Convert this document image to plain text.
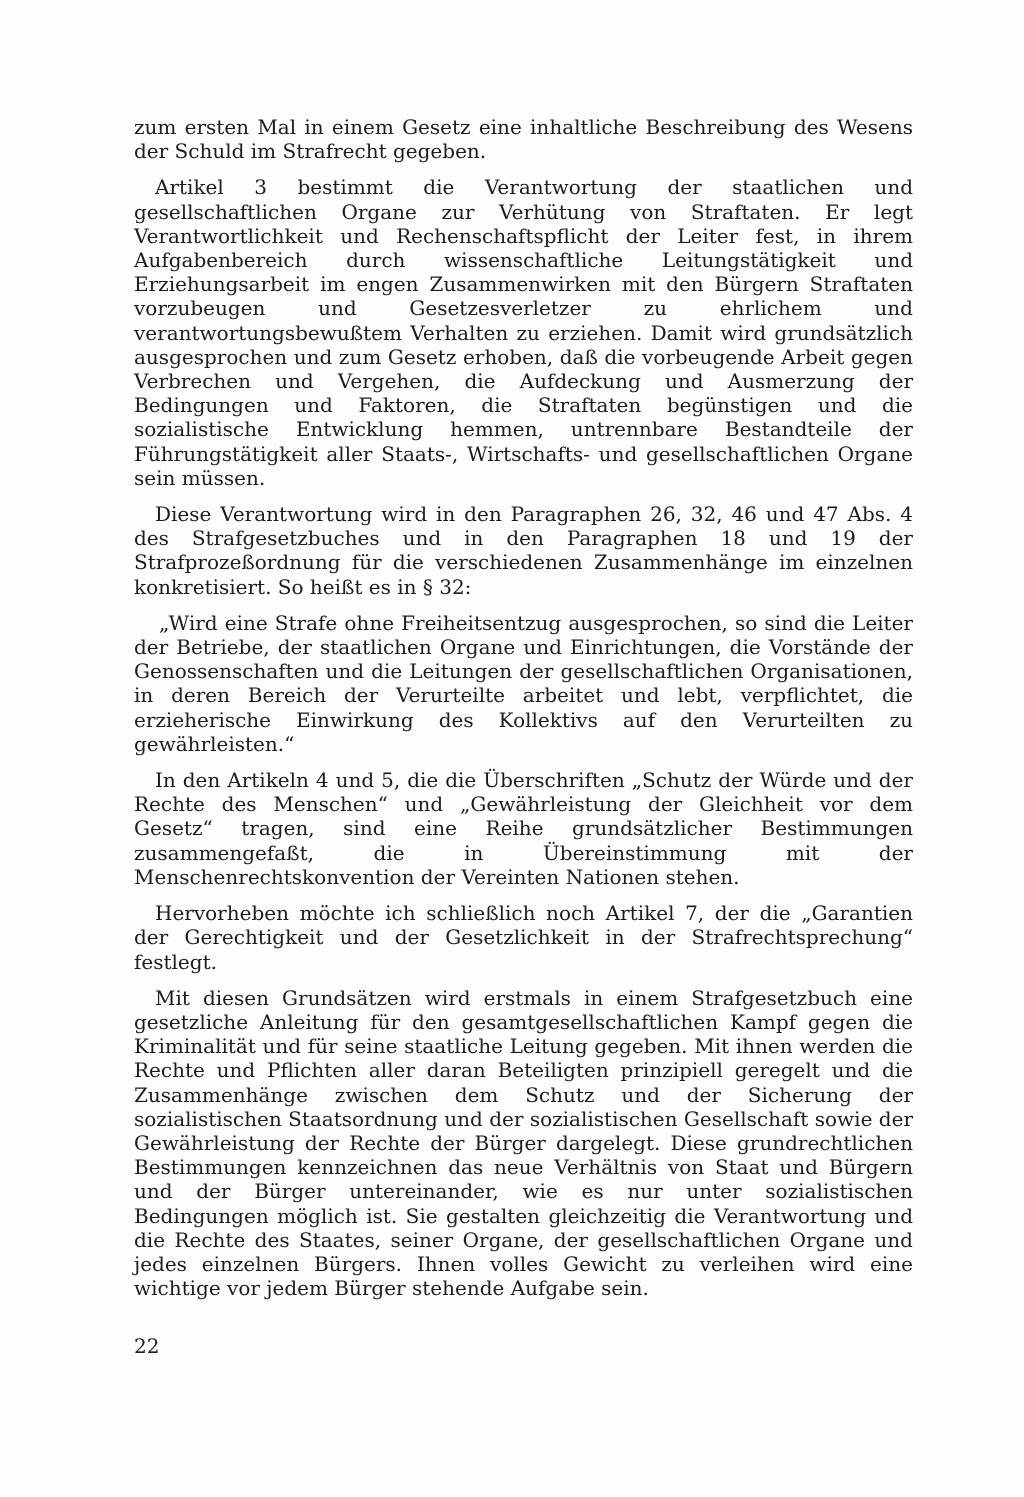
zum ersten Mal in einem Gesetz eine inhaltliche Beschreibung des Wesens der Schuld im Strafrecht gegeben.

Artikel 3 bestimmt die Verantwortung der staatlichen und gesellschaftlichen Organe zur Verhütung von Straftaten. Er legt Verantwortlichkeit und Rechenschaftspflicht der Leiter fest, in ihrem Aufgabenbereich durch wissenschaftliche Leitungstätigkeit und Erziehungsarbeit im engen Zusammenwirken mit den Bürgern Straftaten vorzubeugen und Gesetzesverletzer zu ehrlichem und verantwortungsbewußtem Verhalten zu erziehen. Damit wird grundsätzlich ausgesprochen und zum Gesetz erhoben, daß die vorbeugende Arbeit gegen Verbrechen und Vergehen, die Aufdeckung und Ausmerzung der Bedingungen und Faktoren, die Straftaten begünstigen und die sozialistische Entwicklung hemmen, untrennbare Bestandteile der Führungstätigkeit aller Staats-, Wirtschafts- und gesellschaftlichen Organe sein müssen.

Diese Verantwortung wird in den Paragraphen 26, 32, 46 und 47 Abs. 4 des Strafgesetzbuches und in den Paragraphen 18 und 19 der Strafprozeßordnung für die verschiedenen Zusammenhänge im einzelnen konkretisiert. So heißt es in § 32:

„Wird eine Strafe ohne Freiheitsentzug ausgesprochen, so sind die Leiter der Betriebe, der staatlichen Organe und Einrichtungen, die Vorstände der Genossenschaften und die Leitungen der gesellschaftlichen Organisationen, in deren Bereich der Verurteilte arbeitet und lebt, verpflichtet, die erzieherische Einwirkung des Kollektivs auf den Verurteilten zu gewährleisten.“

In den Artikeln 4 und 5, die die Überschriften „Schutz der Würde und der Rechte des Menschen“ und „Gewährleistung der Gleichheit vor dem Gesetz“ tragen, sind eine Reihe grundsätzlicher Bestimmungen zusammengefaßt, die in Übereinstimmung mit der Menschenrechtskonvention der Vereinten Nationen stehen.

Hervorheben möchte ich schließlich noch Artikel 7, der die „Garantien der Gerechtigkeit und der Gesetzlichkeit in der Strafrechtsprechung“ festlegt.

Mit diesen Grundsätzen wird erstmals in einem Strafgesetzbuch eine gesetzliche Anleitung für den gesamtgesellschaftlichen Kampf gegen die Kriminalität und für seine staatliche Leitung gegeben. Mit ihnen werden die Rechte und Pflichten aller daran Beteiligten prinzipiell geregelt und die Zusammenhänge zwischen dem Schutz und der Sicherung der sozialistischen Staatsordnung und der sozialistischen Gesellschaft sowie der Gewährleistung der Rechte der Bürger dargelegt. Diese grundrechtlichen Bestimmungen kennzeichnen das neue Verhältnis von Staat und Bürgern und der Bürger untereinander, wie es nur unter sozialistischen Bedingungen möglich ist. Sie gestalten gleichzeitig die Verantwortung und die Rechte des Staates, seiner Organe, der gesellschaftlichen Organe und jedes einzelnen Bürgers. Ihnen volles Gewicht zu verleihen wird eine wichtige vor jedem Bürger stehende Aufgabe sein.

22
